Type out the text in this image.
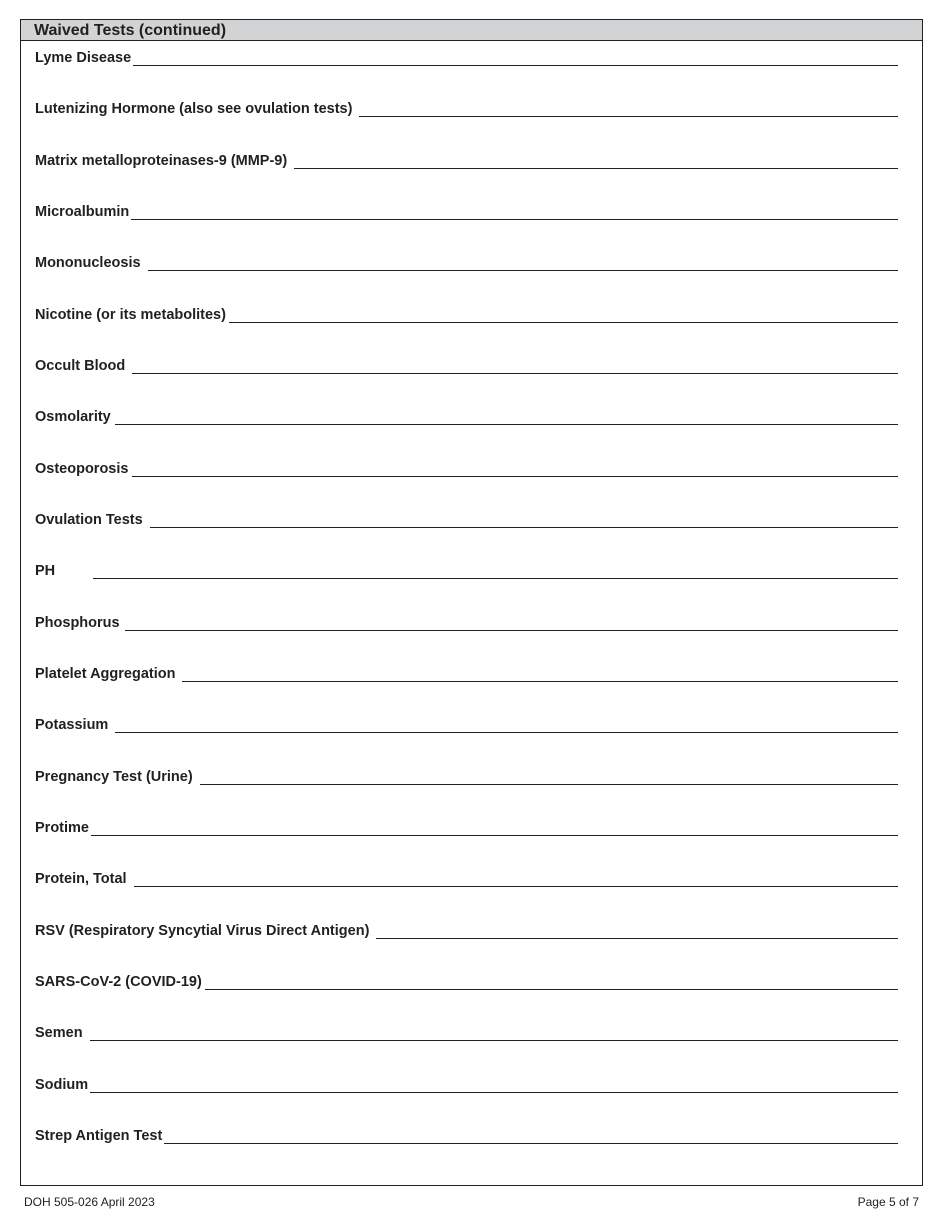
Waived Tests (continued)
Lyme Disease
Lutenizing Hormone (also see ovulation tests)
Matrix metalloproteinases-9 (MMP-9)
Microalbumin
Mononucleosis
Nicotine (or its metabolites)
Occult Blood
Osmolarity
Osteoporosis
Ovulation Tests
PH
Phosphorus
Platelet Aggregation
Potassium
Pregnancy Test (Urine)
Protime
Protein, Total
RSV (Respiratory Syncytial Virus Direct Antigen)
SARS-CoV-2 (COVID-19)
Semen
Sodium
Strep Antigen Test
DOH 505-026 April 2023	Page 5 of 7
